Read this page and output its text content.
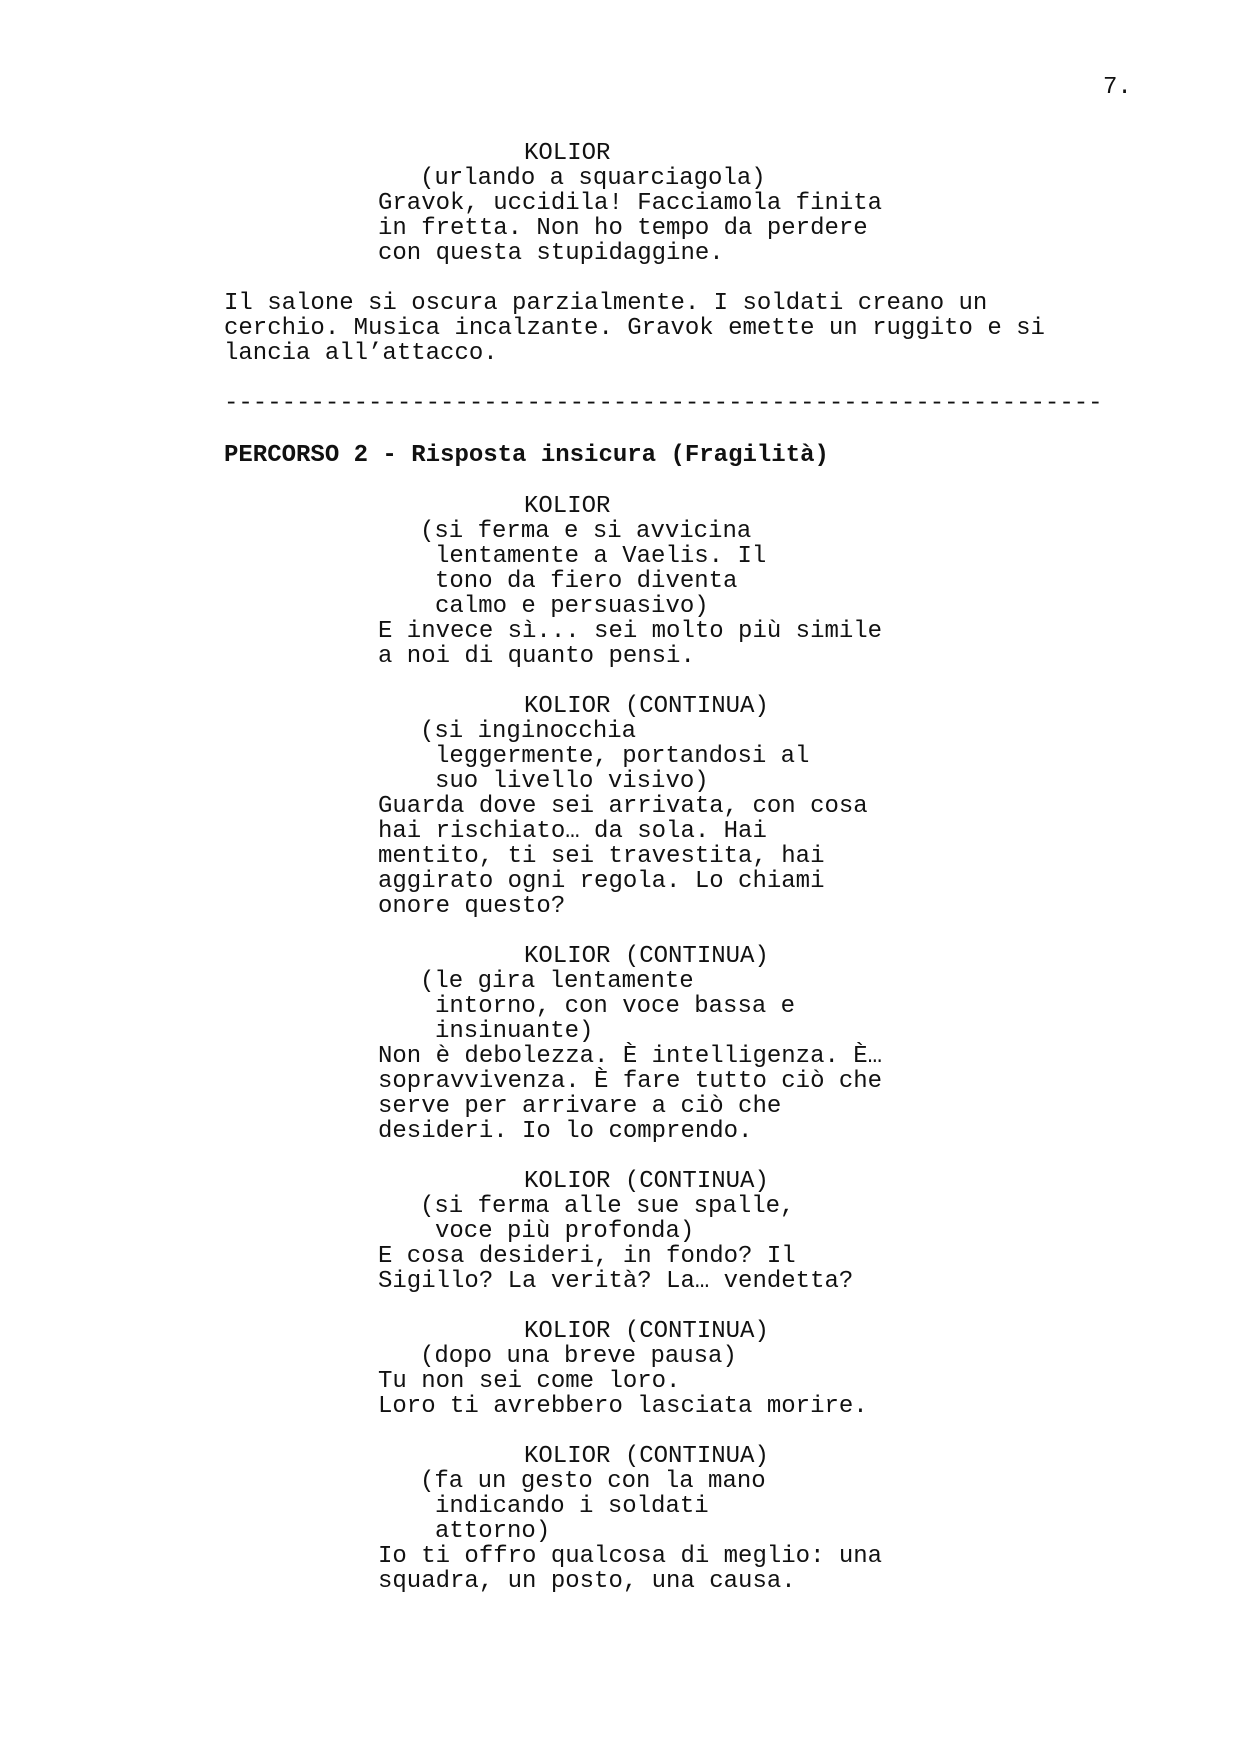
7.
KOLIOR
(urlando a squarciagola)
Gravok, uccidila! Facciamola finita
in fretta. Non ho tempo da perdere
con questa stupidaggine.
Il salone si oscura parzialmente. I soldati creano un
cerchio. Musica incalzante. Gravok emette un ruggito e si
lancia all’attacco.
-------------------------------------------------------------
PERCORSO 2 - Risposta insicura (Fragilità)
KOLIOR
(si ferma e si avvicina
lentamente a Vaelis. Il
tono da fiero diventa
calmo e persuasivo)
E invece sì... sei molto più simile
a noi di quanto pensi.
KOLIOR (CONTINUA)
(si inginocchia
leggermente, portandosi al
suo livello visivo)
Guarda dove sei arrivata, con cosa
hai rischiato… da sola. Hai
mentito, ti sei travestita, hai
aggirato ogni regola. Lo chiami
onore questo?
KOLIOR (CONTINUA)
(le gira lentamente
intorno, con voce bassa e
insinuante)
Non è debolezza. È intelligenza. È…
sopravvivenza. È fare tutto ciò che
serve per arrivare a ciò che
desideri. Io lo comprendo.
KOLIOR (CONTINUA)
(si ferma alle sue spalle,
voce più profonda)
E cosa desideri, in fondo? Il
Sigillo? La verità? La… vendetta?
KOLIOR (CONTINUA)
(dopo una breve pausa)
Tu non sei come loro.
Loro ti avrebbero lasciata morire.
KOLIOR (CONTINUA)
(fa un gesto con la mano
indicando i soldati
attorno)
Io ti offro qualcosa di meglio: una
squadra, un posto, una causa.
